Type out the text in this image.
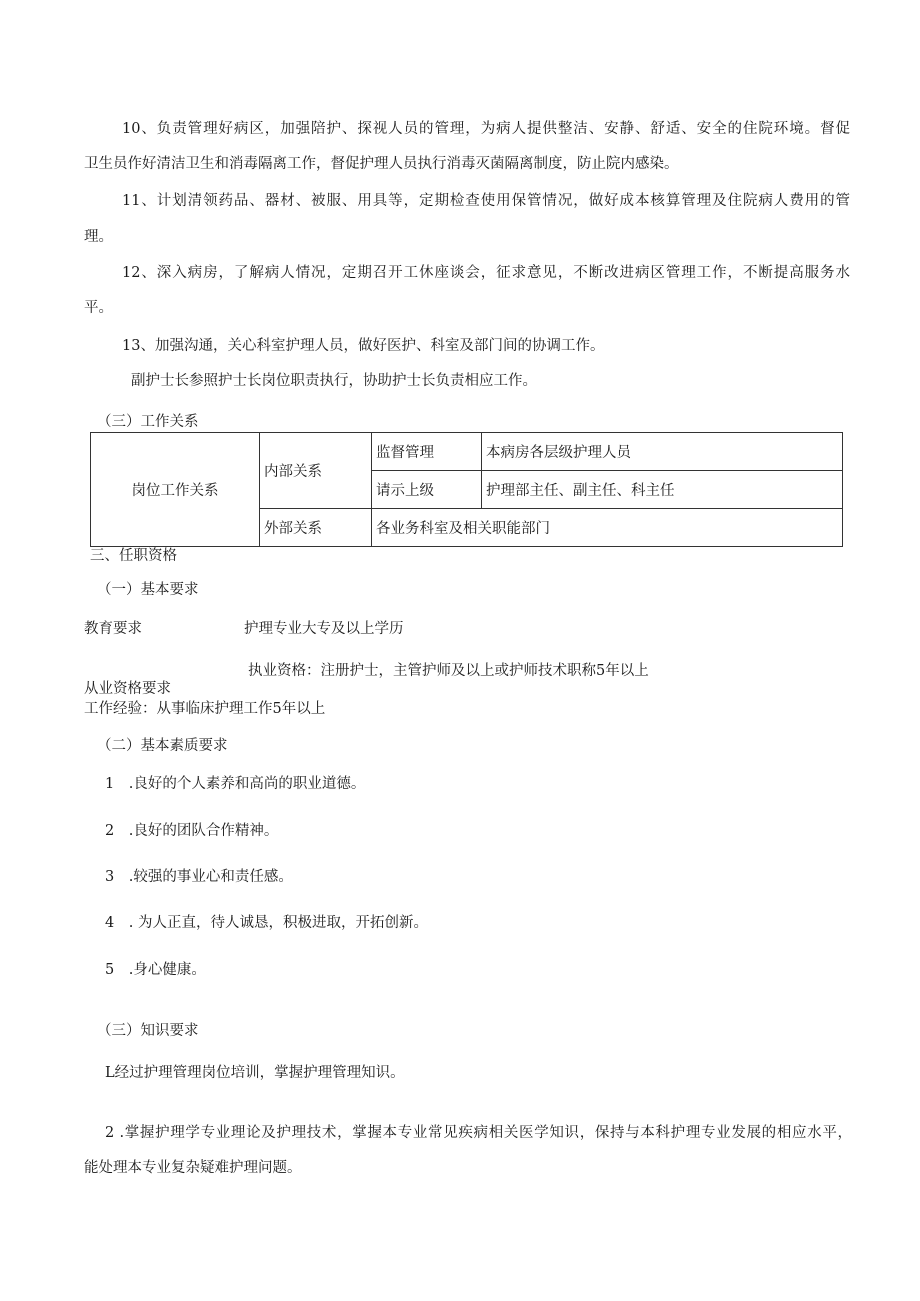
10、负责管理好病区，加强陪护、探视人员的管理，为病人提供整洁、安静、舒适、安全的住院环境。督促
卫生员作好清洁卫生和消毒隔离工作，督促护理人员执行消毒灭菌隔离制度，防止院内感染。
11、计划清领药品、器材、被服、用具等，定期检查使用保管情况，做好成本核算管理及住院病人费用的管
理。
12、深入病房，了解病人情况，定期召开工休座谈会，征求意见，不断改进病区管理工作，不断提高服务水
平。
13、加强沟通，关心科室护理人员，做好医护、科室及部门间的协调工作。
副护士长参照护士长岗位职责执行，协助护士长负责相应工作。
（三）工作关系
岗位工作关系	内部关系	监督管理	本病房各层级护理人员
		请示上级	护理部主任、副主任、科主任
	外部关系	各业务科室及相关职能部门	
三、任职资格
（一）基本要求
教育要求	护理专业大专及以上学历
执业资格：注册护士，主管护师及以上或护师技术职称5年以上
从业资格要求
工作经验：从事临床护理工作5年以上
（二）基本素质要求
1　.良好的个人素养和高尚的职业道德。
2　.良好的团队合作精神。
3　.较强的事业心和责任感。
4　. 为人正直，待人诚恳，积极进取，开拓创新。
5　.身心健康。
（三）知识要求
L经过护理管理岗位培训，掌握护理管理知识。
2 .掌握护理学专业理论及护理技术，掌握本专业常见疾病相关医学知识，保持与本科护理专业发展的相应水平，
能处理本专业复杂疑难护理问题。
